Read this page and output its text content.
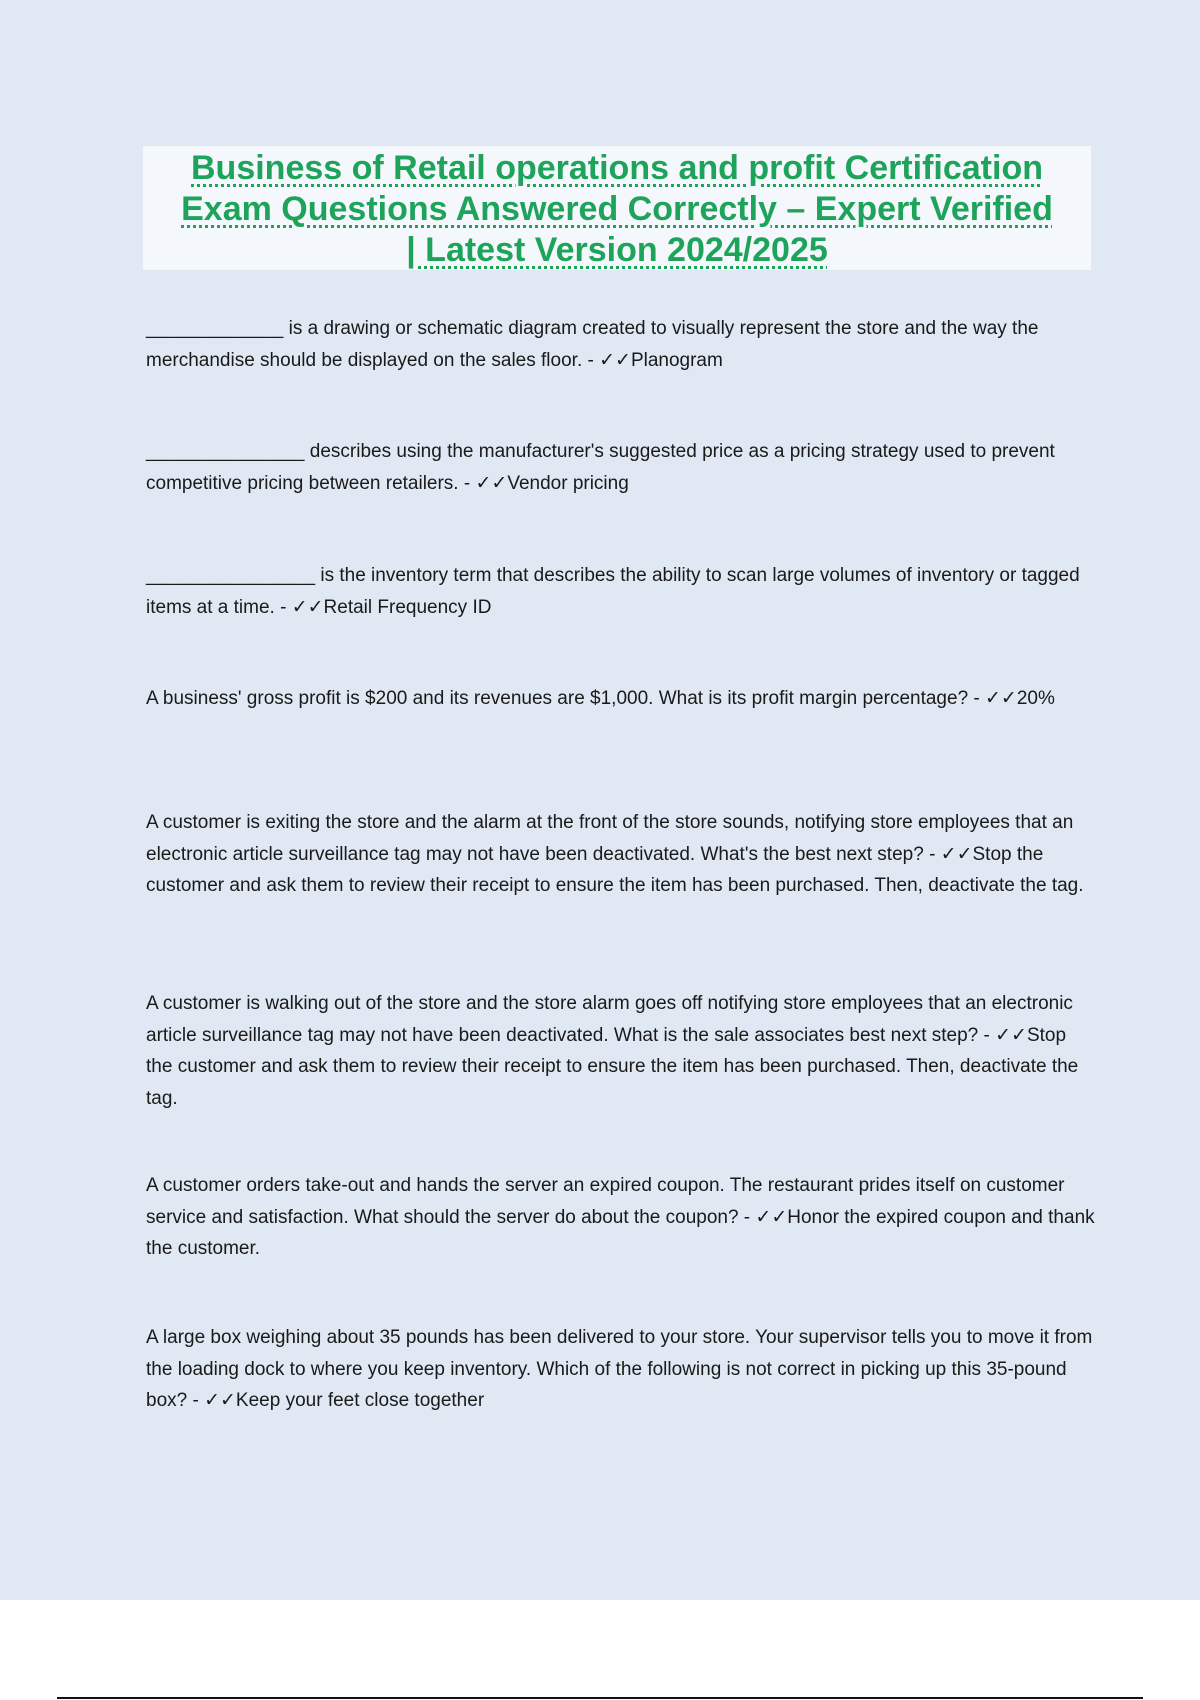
Business of Retail operations and profit Certification
Exam Questions Answered Correctly – Expert Verified
| Latest Version 2024/2025

_____________ is a drawing or schematic diagram created to visually represent the store and the way the merchandise should be displayed on the sales floor. - ✓✓Planogram

_______________ describes using the manufacturer's suggested price as a pricing strategy used to prevent competitive pricing between retailers. - ✓✓Vendor pricing

________________ is the inventory term that describes the ability to scan large volumes of inventory or tagged items at a time. - ✓✓Retail Frequency ID

A business' gross profit is $200 and its revenues are $1,000. What is its profit margin percentage? - ✓✓20%

A customer is exiting the store and the alarm at the front of the store sounds, notifying store employees that an electronic article surveillance tag may not have been deactivated. What's the best next step? - ✓✓Stop the customer and ask them to review their receipt to ensure the item has been purchased. Then, deactivate the tag.

A customer is walking out of the store and the store alarm goes off notifying store employees that an electronic article surveillance tag may not have been deactivated. What is the sale associates best next step? - ✓✓Stop the customer and ask them to review their receipt to ensure the item has been purchased. Then, deactivate the tag.

A customer orders take-out and hands the server an expired coupon. The restaurant prides itself on customer service and satisfaction. What should the server do about the coupon? - ✓✓Honor the expired coupon and thank the customer.

A large box weighing about 35 pounds has been delivered to your store. Your supervisor tells you to move it from the loading dock to where you keep inventory. Which of the following is not correct in picking up this 35-pound box? - ✓✓Keep your feet close together
